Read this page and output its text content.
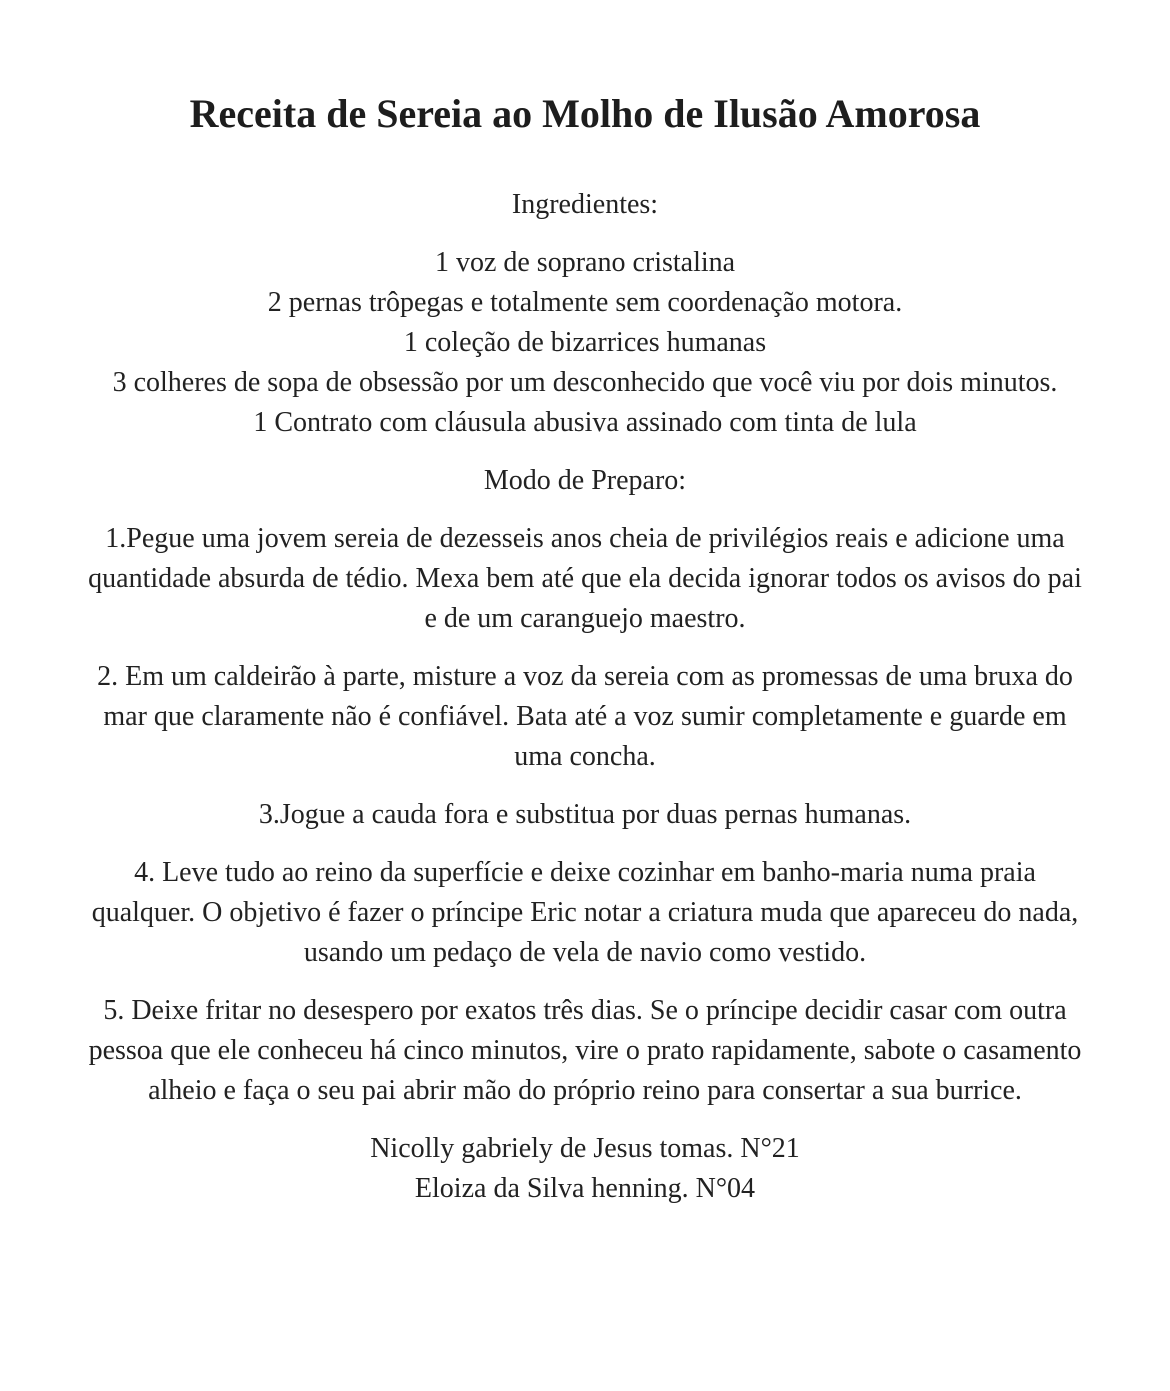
Receita de Sereia ao Molho de Ilusão Amorosa

Ingredientes:

1 voz de soprano cristalina
2 pernas trôpegas e totalmente sem coordenação motora.
1 coleção de bizarrices humanas
3 colheres de sopa de obsessão por um desconhecido que você viu por dois minutos.
1 Contrato com cláusula abusiva assinado com tinta de lula

Modo de Preparo:

1.Pegue uma jovem sereia de dezesseis anos cheia de privilégios reais e adicione uma quantidade absurda de tédio. Mexa bem até que ela decida ignorar todos os avisos do pai e de um caranguejo maestro.

2. Em um caldeirão à parte, misture a voz da sereia com as promessas de uma bruxa do mar que claramente não é confiável. Bata até a voz sumir completamente e guarde em uma concha.

3.Jogue a cauda fora e substitua por duas pernas humanas.

4. Leve tudo ao reino da superfície e deixe cozinhar em banho-maria numa praia qualquer. O objetivo é fazer o príncipe Eric notar a criatura muda que apareceu do nada, usando um pedaço de vela de navio como vestido.

5. Deixe fritar no desespero por exatos três dias. Se o príncipe decidir casar com outra pessoa que ele conheceu há cinco minutos, vire o prato rapidamente, sabote o casamento alheio e faça o seu pai abrir mão do próprio reino para consertar a sua burrice.

Nicolly gabriely de Jesus tomas. N°21
Eloiza da Silva henning. N°04
